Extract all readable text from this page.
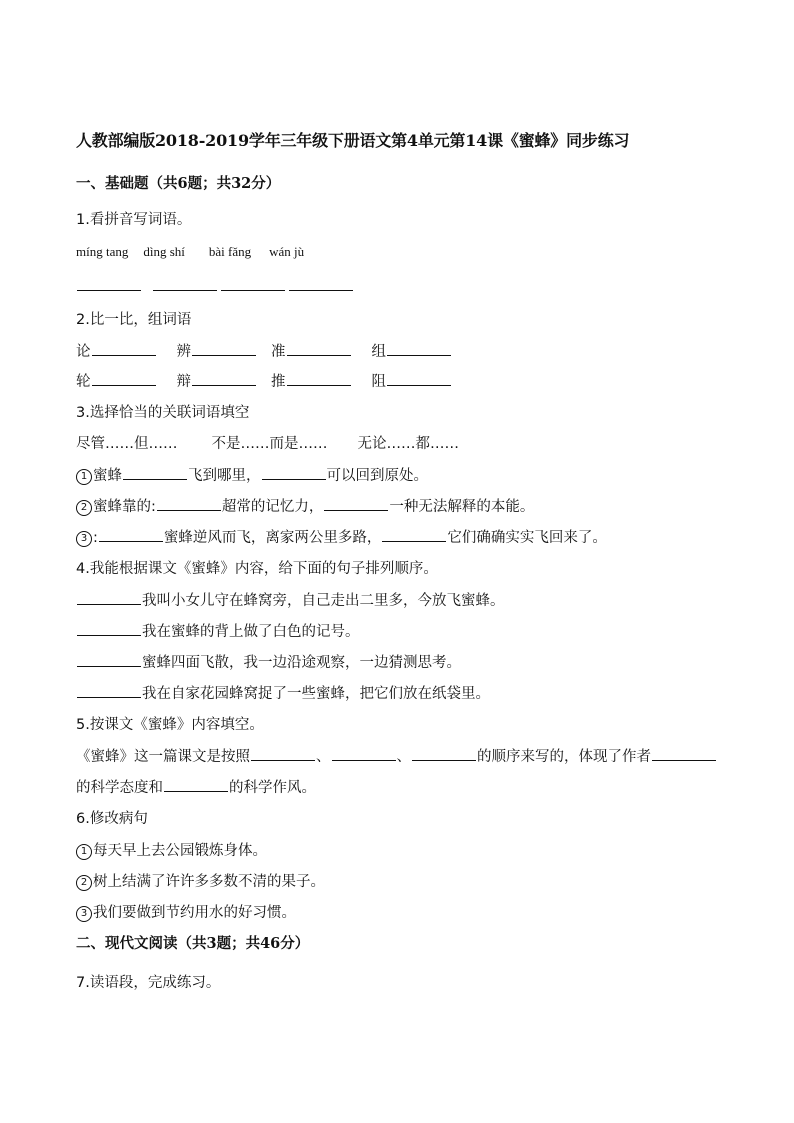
人教部编版2018-2019学年三年级下册语文第4单元第14课《蜜蜂》同步练习
一、基础题（共6题；共32分）
1.看拼音写词语。
míng tang dìng shí bài fǎng wán jù
2.比一比，组词语
论	辨	准	组
轮	辩	推	阻
3.选择恰当的关联词语填空
尽管……但…… 不是……而是…… 无论……都……
1 蜜蜂	飞到哪里，	可以回到原处。
2 蜜蜂靠的:	超常的记忆力，	一种无法解释的本能。
3 :	蜜蜂逆风而飞，离家两公里多路，	它们确确实实飞回来了。
4.我能根据课文《蜜蜂》内容，给下面的句子排列顺序。
我叫小女儿守在蜂窝旁，自己走出二里多，今放飞蜜蜂。
我在蜜蜂的背上做了白色的记号。
蜜蜂四面飞散，我一边沿途观察，一边猜测思考。
我在自家花园蜂窝捉了一些蜜蜂，把它们放在纸袋里。
5.按课文《蜜蜂》内容填空。
《蜜蜂》这一篇课文是按照	、	、	的顺序来写的，体现了作者
的科学态度和	的科学作风。
6.修改病句
1 每天早上去公园锻炼身体。
2 树上结满了许许多多数不清的果子。
3 我们要做到节约用水的好习惯。
二、现代文阅读（共3题；共46分）
7.读语段，完成练习。
